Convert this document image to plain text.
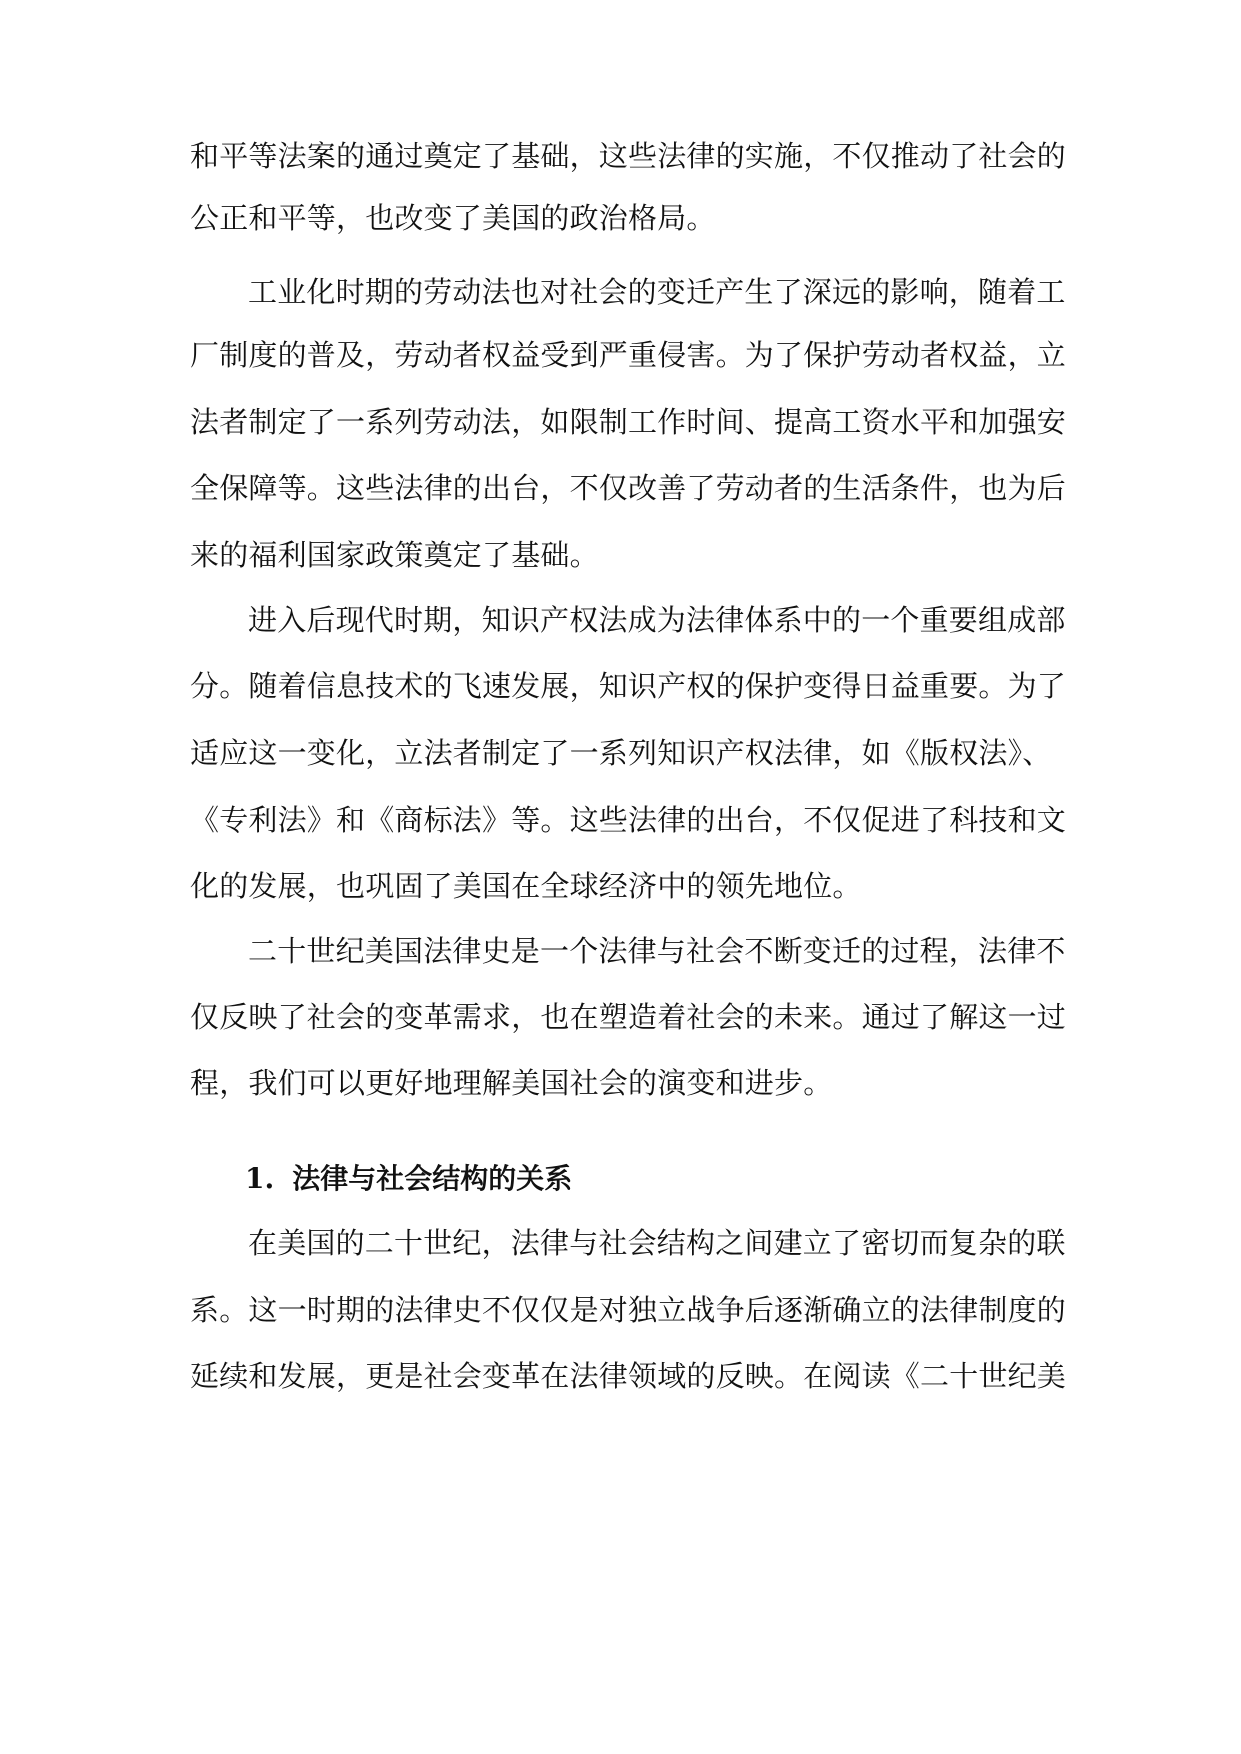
和平等法案的通过奠定了基础，这些法律的实施，不仅推动了社会的
公正和平等，也改变了美国的政治格局。
工业化时期的劳动法也对社会的变迁产生了深远的影响，随着工
厂制度的普及，劳动者权益受到严重侵害。为了保护劳动者权益，立
法者制定了一系列劳动法，如限制工作时间、提高工资水平和加强安
全保障等。这些法律的出台，不仅改善了劳动者的生活条件，也为后
来的福利国家政策奠定了基础。
进入后现代时期，知识产权法成为法律体系中的一个重要组成部
分。随着信息技术的飞速发展，知识产权的保护变得日益重要。为了
适应这一变化，立法者制定了一系列知识产权法律，如《版权法》、
《专利法》和《商标法》等。这些法律的出台，不仅促进了科技和文
化的发展，也巩固了美国在全球经济中的领先地位。
二十世纪美国法律史是一个法律与社会不断变迁的过程，法律不
仅反映了社会的变革需求，也在塑造着社会的未来。通过了解这一过
程，我们可以更好地理解美国社会的演变和进步。
1. 法律与社会结构的关系
在美国的二十世纪，法律与社会结构之间建立了密切而复杂的联
系。这一时期的法律史不仅仅是对独立战争后逐渐确立的法律制度的
延续和发展，更是社会变革在法律领域的反映。在阅读《二十世纪美
